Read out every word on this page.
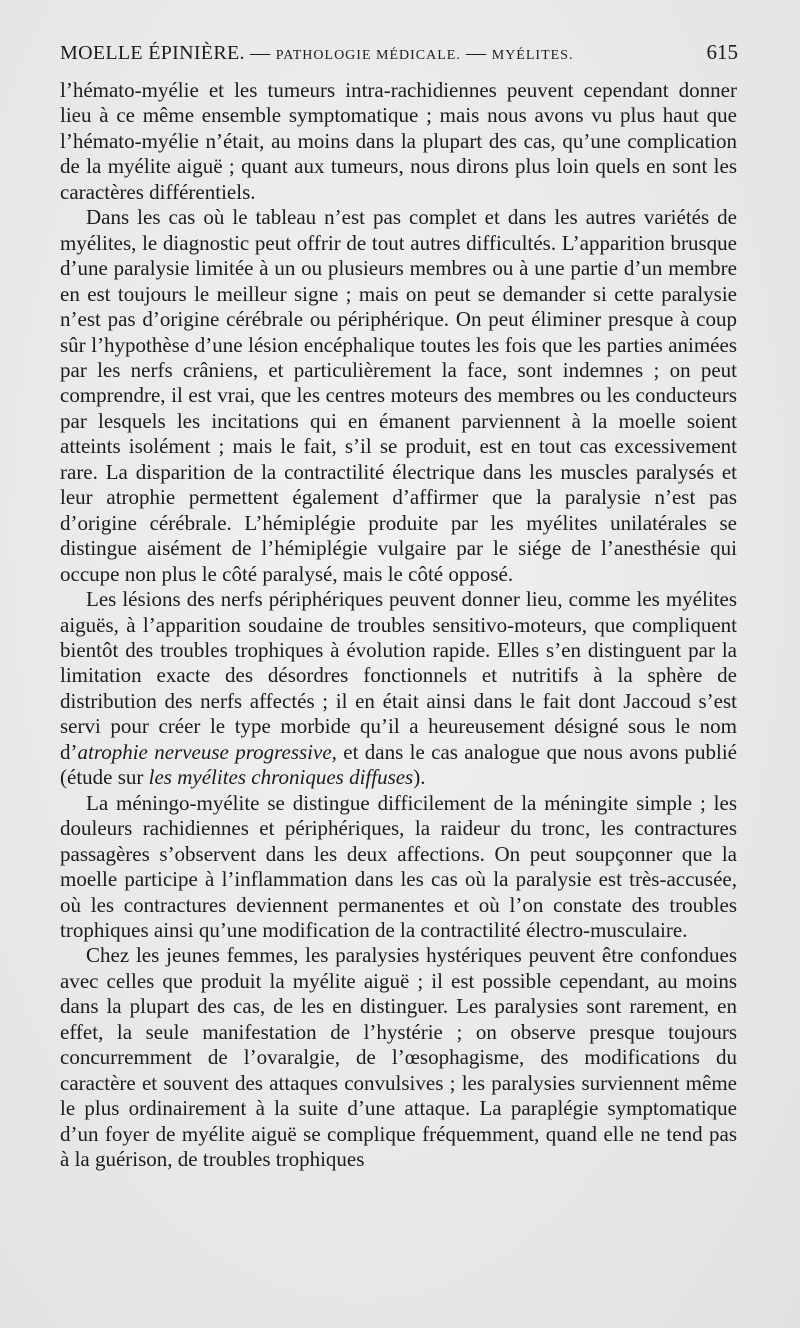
MOELLE ÉPINIÈRE. — PATHOLOGIE MÉDICALE. — MYÉLITES.	615

l’hémato-myélie et les tumeurs intra-rachidiennes peuvent cependant donner lieu à ce même ensemble symptomatique ; mais nous avons vu plus haut que l’hémato-myélie n’était, au moins dans la plupart des cas, qu’une complication de la myélite aiguë ; quant aux tumeurs, nous dirons plus loin quels en sont les caractères différentiels.

Dans les cas où le tableau n’est pas complet et dans les autres variétés de myélites, le diagnostic peut offrir de tout autres difficultés. L’apparition brusque d’une paralysie limitée à un ou plusieurs membres ou à une partie d’un membre en est toujours le meilleur signe ; mais on peut se demander si cette paralysie n’est pas d’origine cérébrale ou périphérique. On peut éliminer presque à coup sûr l’hypothèse d’une lésion encéphalique toutes les fois que les parties animées par les nerfs crâniens, et particulièrement la face, sont indemnes ; on peut comprendre, il est vrai, que les centres moteurs des membres ou les conducteurs par lesquels les incitations qui en émanent parviennent à la moelle soient atteints isolément ; mais le fait, s’il se produit, est en tout cas excessivement rare. La disparition de la contractilité électrique dans les muscles paralysés et leur atrophie permettent également d’affirmer que la paralysie n’est pas d’origine cérébrale. L’hémiplégie produite par les myélites unilatérales se distingue aisément de l’hémiplégie vulgaire par le siége de l’anesthésie qui occupe non plus le côté paralysé, mais le côté opposé.

Les lésions des nerfs périphériques peuvent donner lieu, comme les myélites aiguës, à l’apparition soudaine de troubles sensitivo-moteurs, que compliquent bientôt des troubles trophiques à évolution rapide. Elles s’en distinguent par la limitation exacte des désordres fonctionnels et nutritifs à la sphère de distribution des nerfs affectés ; il en était ainsi dans le fait dont Jaccoud s’est servi pour créer le type morbide qu’il a heureusement désigné sous le nom d’atrophie nerveuse progressive, et dans le cas analogue que nous avons publié (étude sur les myélites chroniques diffuses).

La méningo-myélite se distingue difficilement de la méningite simple ; les douleurs rachidiennes et périphériques, la raideur du tronc, les contractures passagères s’observent dans les deux affections. On peut soupçonner que la moelle participe à l’inflammation dans les cas où la paralysie est très-accusée, où les contractures deviennent permanentes et où l’on constate des troubles trophiques ainsi qu’une modification de la contractilité électro-musculaire.

Chez les jeunes femmes, les paralysies hystériques peuvent être confondues avec celles que produit la myélite aiguë ; il est possible cependant, au moins dans la plupart des cas, de les en distinguer. Les paralysies sont rarement, en effet, la seule manifestation de l’hystérie ; on observe presque toujours concurremment de l’ovaralgie, de l’œsophagisme, des modifications du caractère et souvent des attaques convulsives ; les paralysies surviennent même le plus ordinairement à la suite d’une attaque. La paraplégie symptomatique d’un foyer de myélite aiguë se complique fréquemment, quand elle ne tend pas à la guérison, de troubles trophiques
